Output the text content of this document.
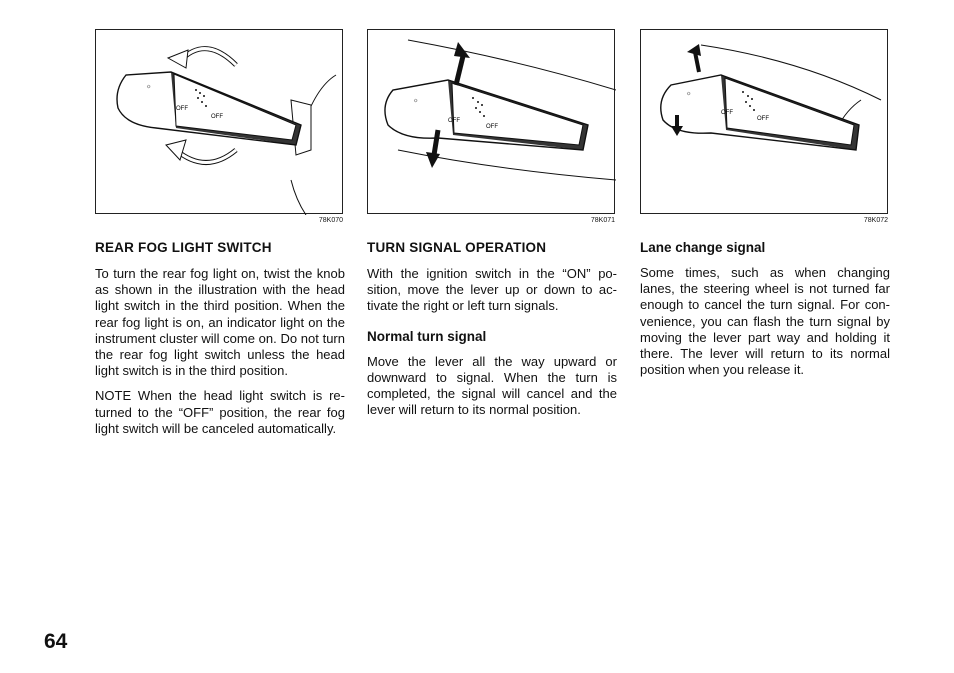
☼
OFF
OFF
78K070
☼
OFF
OFF
78K071
☼
OFF
OFF
78K072
REAR FOG LIGHT SWITCH

To turn the rear fog light on, twist the knob as shown in the illustration with the head light switch in the third position. When the rear fog light is on, an indicator light on the instrument cluster will come on. Do not turn the rear fog light switch unless the head light switch is in the third position.

NOTE When the head light switch is returned to the “OFF” position, the rear fog light switch will be canceled automatically.

TURN SIGNAL OPERATION

With the ignition switch in the “ON” position, move the lever up or down to activate the right or left turn signals.

Normal turn signal

Move the lever all the way upward or downward to signal. When the turn is completed, the signal will cancel and the lever will return to its normal position.

Lane change signal

Some times, such as when changing lanes, the steering wheel is not turned far enough to cancel the turn signal. For convenience, you can flash the turn signal by moving the lever part way and holding it there. The lever will return to its normal position when you release it.

64
